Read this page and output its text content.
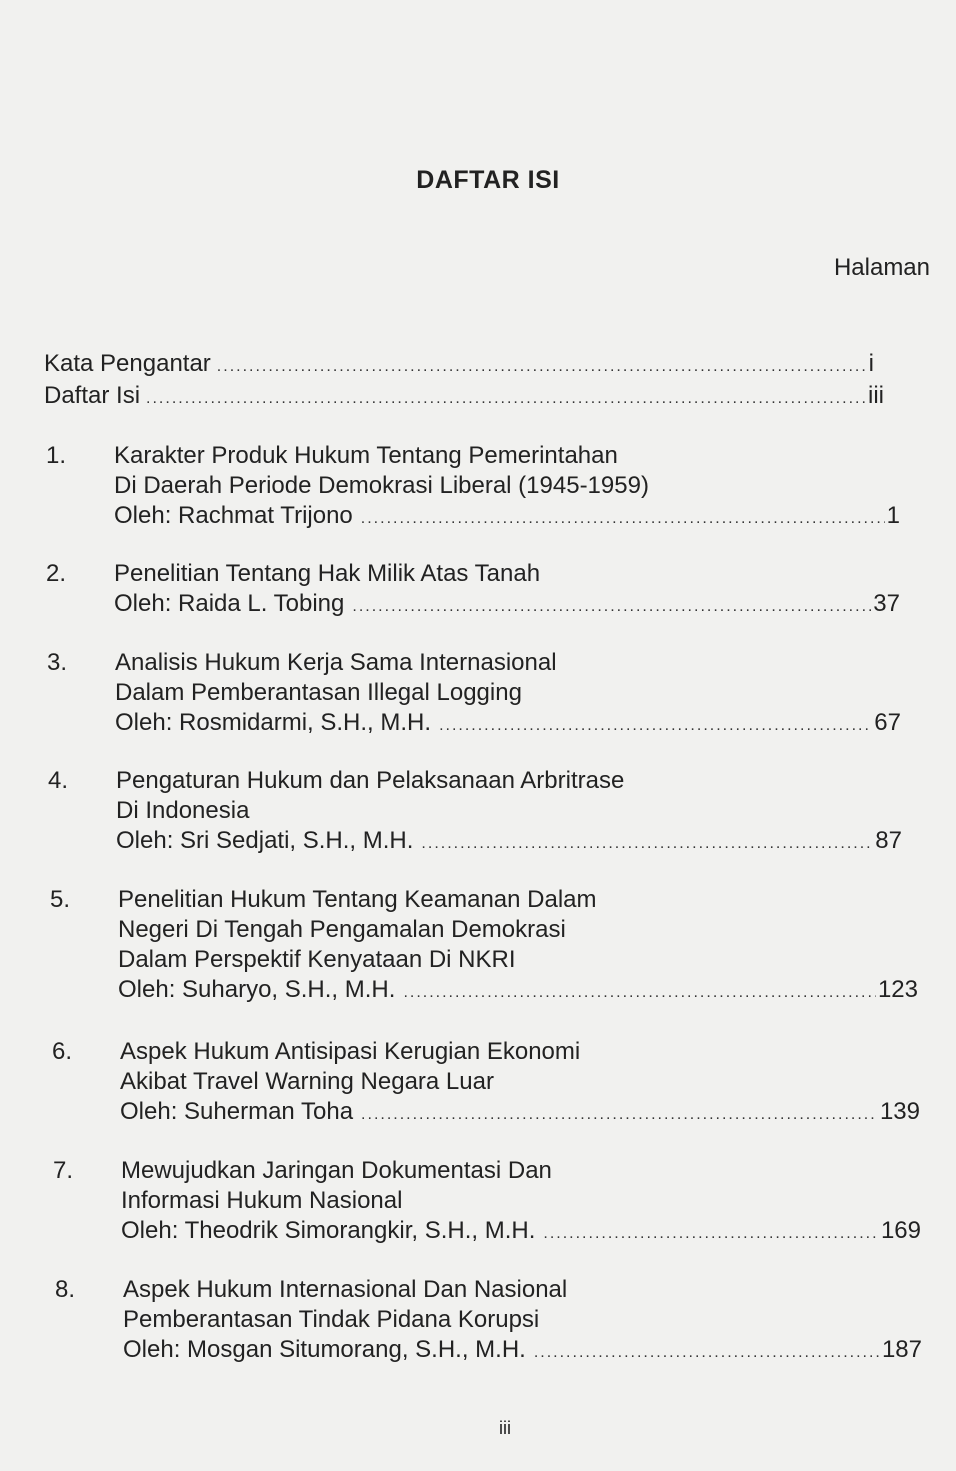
DAFTAR ISI
Halaman
Kata Pengantar .....	i
Daftar Isi .....	iii
1. Karakter Produk Hukum Tentang Pemerintahan
Di Daerah Periode Demokrasi Liberal (1945-1959)
Oleh: Rachmat Trijono .....	1
2. Penelitian Tentang Hak Milik Atas Tanah
Oleh: Raida L. Tobing .....	37
3. Analisis Hukum Kerja Sama Internasional
Dalam Pemberantasan Illegal Logging
Oleh: Rosmidarmi, S.H., M.H. .....	67
4. Pengaturan Hukum dan Pelaksanaan Arbritrase
Di Indonesia
Oleh: Sri Sedjati, S.H., M.H. .....	87
5. Penelitian Hukum Tentang Keamanan Dalam
Negeri Di Tengah Pengamalan Demokrasi
Dalam Perspektif Kenyataan Di NKRI
Oleh: Suharyo, S.H., M.H. .....	123
6. Aspek Hukum Antisipasi Kerugian Ekonomi
Akibat Travel Warning Negara Luar
Oleh: Suherman Toha .....	139
7. Mewujudkan Jaringan Dokumentasi Dan
Informasi Hukum Nasional
Oleh: Theodrik Simorangkir, S.H., M.H. .....	169
8. Aspek Hukum Internasional Dan Nasional
Pemberantasan Tindak Pidana Korupsi
Oleh: Mosgan Situmorang, S.H., M.H. .....	187
iii
